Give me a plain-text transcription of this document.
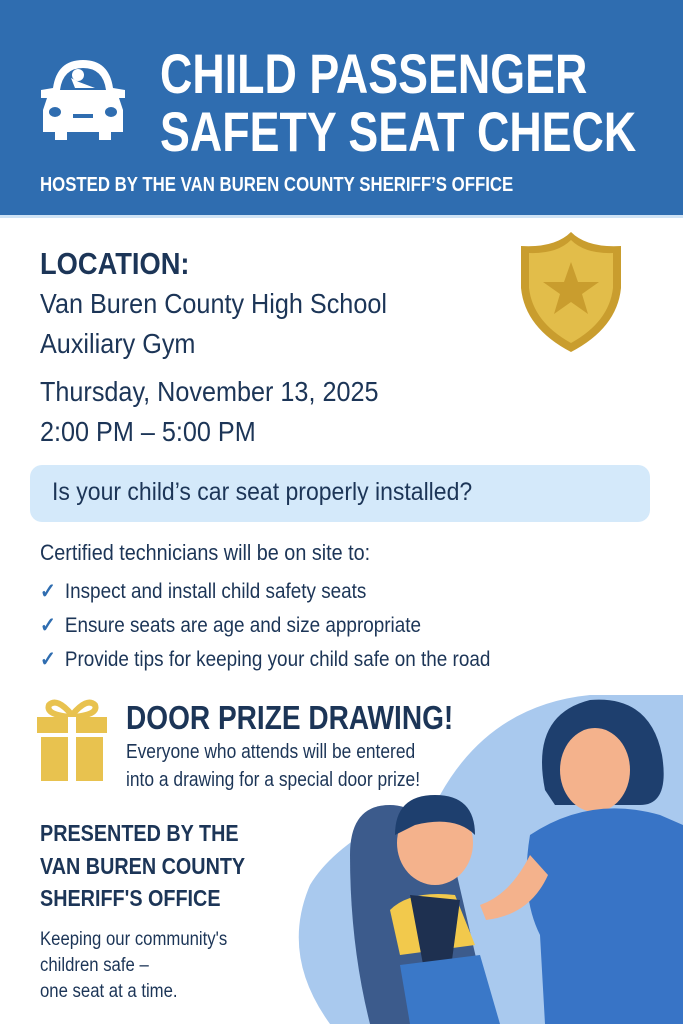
CHILD PASSENGER
SAFETY SEAT CHECK
HOSTED BY THE VAN BUREN COUNTY SHERIFF’S OFFICE
LOCATION:
Van Buren County High School
Auxiliary Gym
Thursday, November 13, 2025
2:00 PM – 5:00 PM
Is your child’s car seat properly installed?
Certified technicians will be on site to:
✓ Inspect and install child safety seats
✓ Ensure seats are age and size appropriate
✓ Provide tips for keeping your child safe on the road
DOOR PRIZE DRAWING!
Everyone who attends will be entered
into a drawing for a special door prize!
PRESENTED BY THE
VAN BUREN COUNTY
SHERIFF'S OFFICE
Keeping our community's
children safe –
one seat at a time.
